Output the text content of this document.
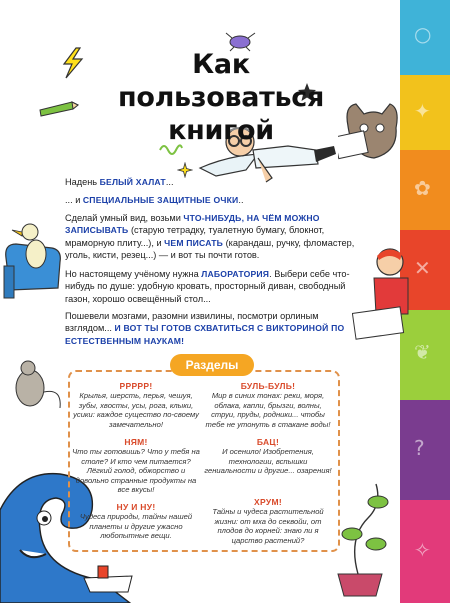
○
✦
✿
✕
❦
?
✧
Как пользоваться
книгой
Надень БЕЛЫЙ ХАЛАТ...
... и СПЕЦИАЛЬНЫЕ ЗАЩИТНЫЕ ОЧКИ..
Сделай умный вид, возьми ЧТО-НИБУДЬ, НА ЧЁМ МОЖНО ЗАПИСЫВАТЬ (старую тетрадку, туалетную бумагу, блокнот, мраморную плиту...), и ЧЕМ ПИСАТЬ (карандаш, ручку, фломастер, уголь, кисти, резец...) — и вот ты почти готов.
Но настоящему учёному нужна ЛАБОРАТОРИЯ. Выбери себе что-нибудь по душе: удобную кровать, просторный диван, свободный газон, хорошо освещённый стол...
Пошевели мозгами, разомни извилины, посмотри орлиным взглядом... И ВОТ ТЫ ГОТОВ СХВАТИТЬСЯ С ВИКТОРИНОЙ ПО ЕСТЕСТВЕННЫМ НАУКАМ!
Разделы
РРРРР!
Крылья, шерсть, перья, чешуя, зубы, хвосты, усы, рога, клыки, усики: каждое существо по-своему замечательно!
БУЛЬ-БУЛЬ!
Мир в синих тонах: реки, моря, облака, капли, брызги, волны, струи, пруды, родники... чтобы тебе не утонуть в стакане воды!
НЯМ!
Что ты готовишь? Что у тебя на столе? И кто чем питается? Лёгкий голод, обжорство и довольно странные продукты на все вкусы!
БАЦ!
И осенило! Изобретения, технологии, вспышки гениальности и другие... озарения!
НУ И НУ!
Чудеса природы, тайны нашей планеты и другие ужасно любопытные вещи.
ХРУМ!
Тайны и чудеса растительной жизни: от мха до секвойи, от плодов до корней: знаю ли я царство растений?
